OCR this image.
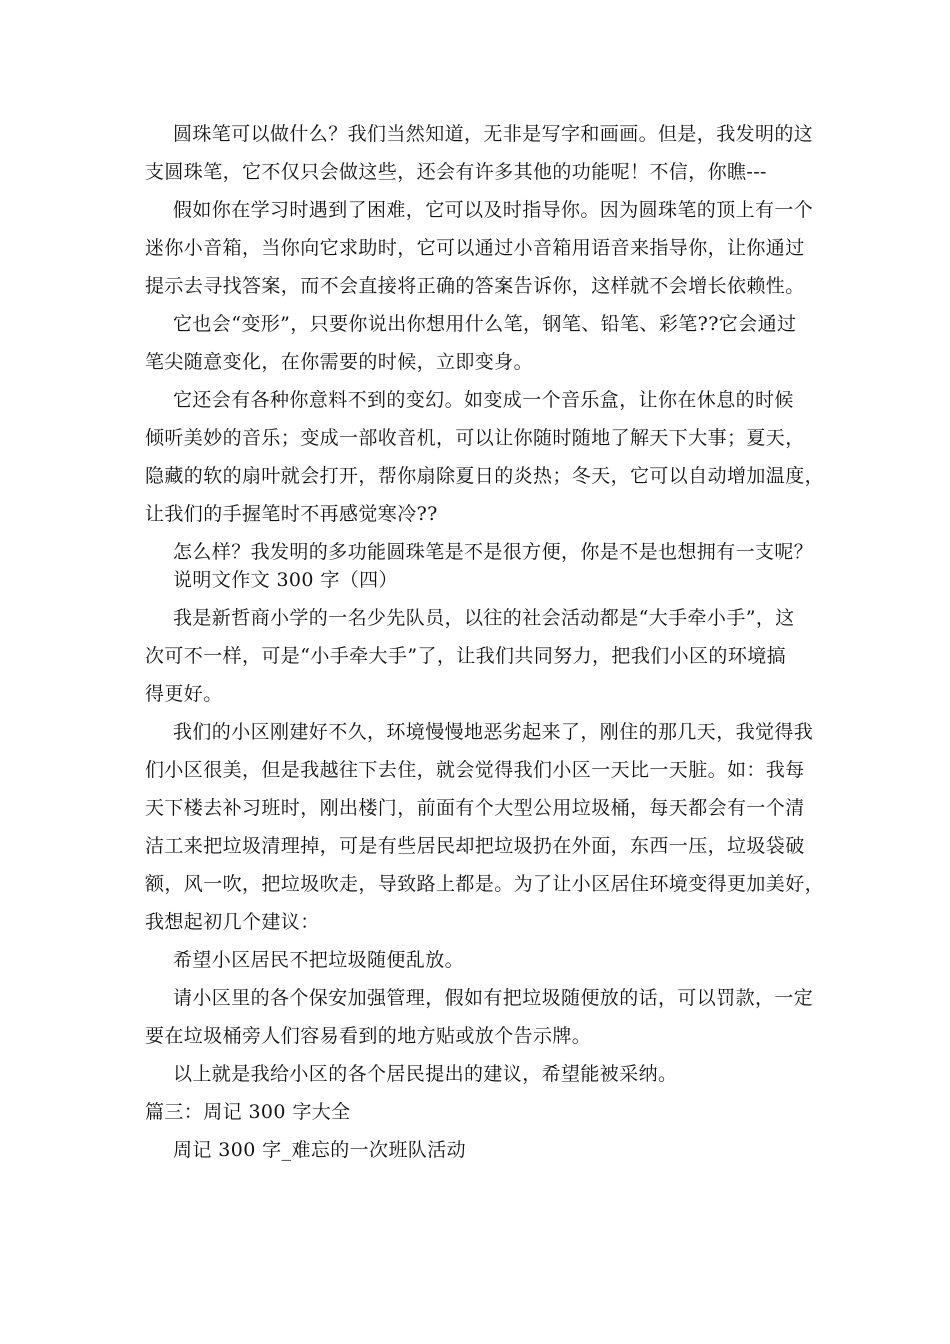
圆珠笔可以做什么？我们当然知道，无非是写字和画画。但是，我发明的这
支圆珠笔，它不仅只会做这些，还会有许多其他的功能呢！不信，你瞧---
假如你在学习时遇到了困难，它可以及时指导你。因为圆珠笔的顶上有一个
迷你小音箱，当你向它求助时，它可以通过小音箱用语音来指导你，让你通过
提示去寻找答案，而不会直接将正确的答案告诉你，这样就不会增长依赖性。
它也会“变形”，只要你说出你想用什么笔，钢笔、铅笔、彩笔??它会通过
笔尖随意变化，在你需要的时候，立即变身。
它还会有各种你意料不到的变幻。如变成一个音乐盒，让你在休息的时候
倾听美妙的音乐；变成一部收音机，可以让你随时随地了解天下大事；夏天，
隐藏的软的扇叶就会打开，帮你扇除夏日的炎热；冬天，它可以自动增加温度，
让我们的手握笔时不再感觉寒冷??
怎么样？我发明的多功能圆珠笔是不是很方便，你是不是也想拥有一支呢？
说明文作文 300 字（四）
我是新哲商小学的一名少先队员，以往的社会活动都是“大手牵小手”，这
次可不一样，可是“小手牵大手”了，让我们共同努力，把我们小区的环境搞
得更好。
我们的小区刚建好不久，环境慢慢地恶劣起来了，刚住的那几天，我觉得我
们小区很美，但是我越往下去住，就会觉得我们小区一天比一天脏。如：我每
天下楼去补习班时，刚出楼门，前面有个大型公用垃圾桶，每天都会有一个清
洁工来把垃圾清理掉，可是有些居民却把垃圾扔在外面，东西一压，垃圾袋破
额，风一吹，把垃圾吹走，导致路上都是。为了让小区居住环境变得更加美好，
我想起初几个建议：
希望小区居民不把垃圾随便乱放。
请小区里的各个保安加强管理，假如有把垃圾随便放的话，可以罚款，一定
要在垃圾桶旁人们容易看到的地方贴或放个告示牌。
以上就是我给小区的各个居民提出的建议，希望能被采纳。
篇三：周记 300 字大全
周记 300 字_难忘的一次班队活动
